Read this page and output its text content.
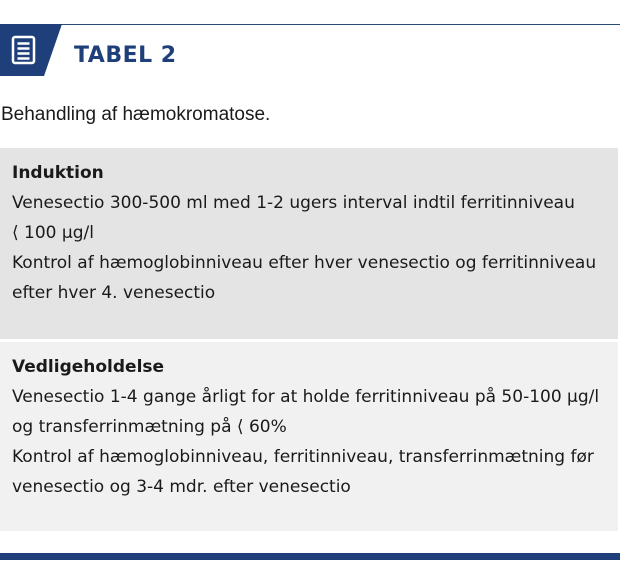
TABEL 2
Behandling af hæmokromatose.
Induktion
Venesectio 300-500 ml med 1-2 ugers interval indtil ferritinniveau
⟨ 100 µg/l
Kontrol af hæmoglobinniveau efter hver venesectio og ferritinniveau
efter hver 4. venesectio
Vedligeholdelse
Venesectio 1-4 gange årligt for at holde ferritinniveau på 50-100 µg/l
og transferrinmætning på ⟨ 60%
Kontrol af hæmoglobinniveau, ferritinniveau, transferrinmætning før
venesectio og 3-4 mdr. efter venesectio
